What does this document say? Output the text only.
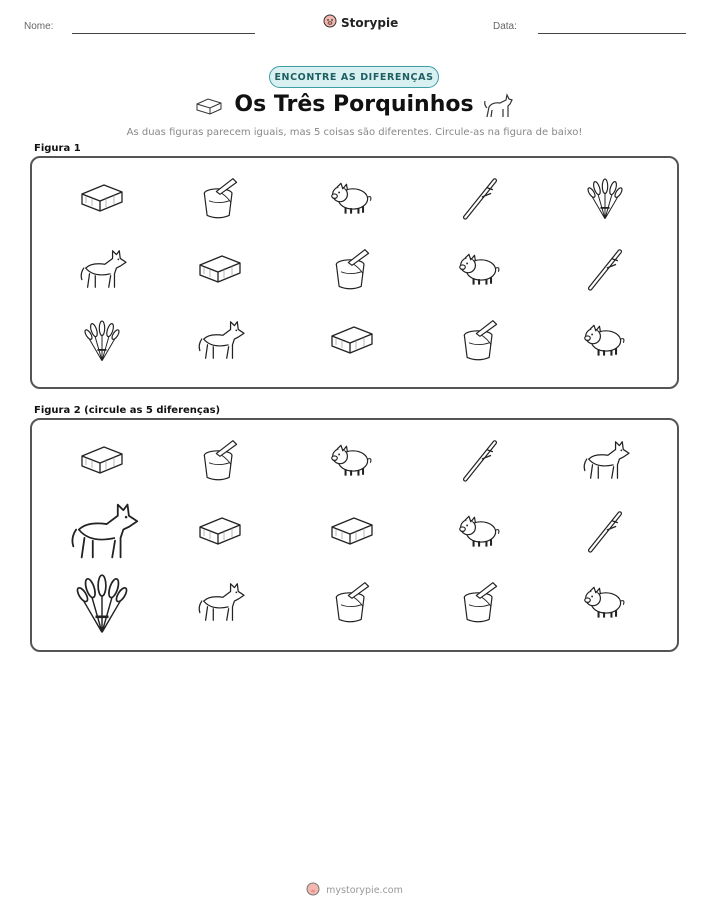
Nome:	Storypie	Data:
ENCONTRE AS DIFERENÇAS
Os Três Porquinhos
As duas figuras parecem iguais, mas 5 coisas são diferentes. Circule-as na figura de baixo!
Figura 1
Figura 2 (circule as 5 diferenças)
mystorypie.com
